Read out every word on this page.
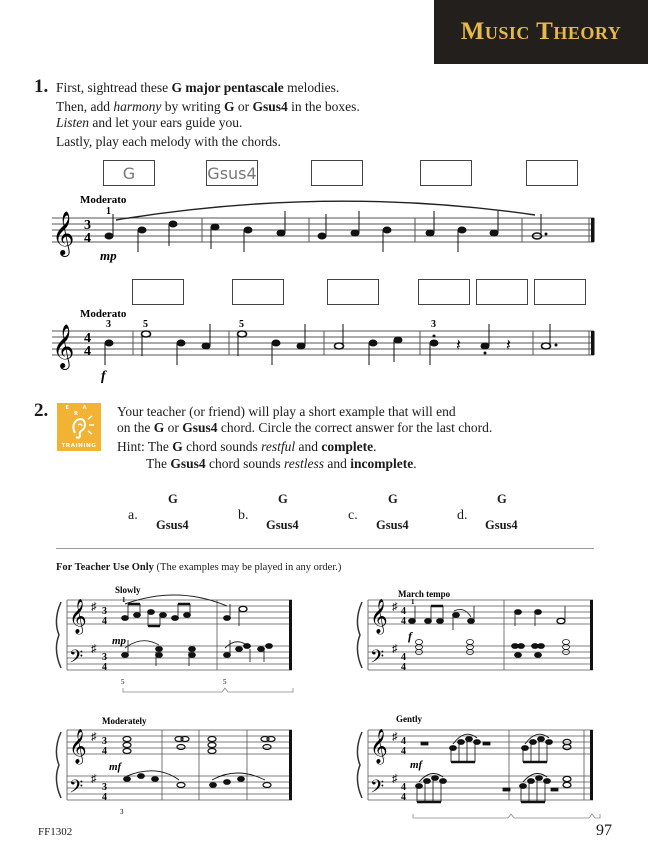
Music Theory
1. First, sightread these G major pentascale melodies.
Then, add harmony by writing G or Gsus4 in the boxes.
Listen and let your ears guide you.
Lastly, play each melody with the chords.
G	Gsus4
Moderato
1
𝄞 3
4
mp
Moderato
3	5	5	3
𝄞 4
4	𝄽	𝄽
f
2.	E A R
TRAINING
Your teacher (or friend) will play a short example that will end
on the G or Gsus4 chord. Circle the correct answer for the last chord.
Hint: The G chord sounds restful and complete.
The Gsus4 chord sounds restless and incomplete.
a.
G
Gsus4
b.
G
Gsus4
c.
G
Gsus4
d.
G
Gsus4
For Teacher Use Only (The examples may be played in any order.)
𝄞
𝄢
♯
♯
Slowly
1
3
4
3
4
mp
5	5
March tempo
1
4
4
4
4
f
Moderately
3
4
3
4
mf
3
Gently
4
4
4
4
mf
FF1302	97
